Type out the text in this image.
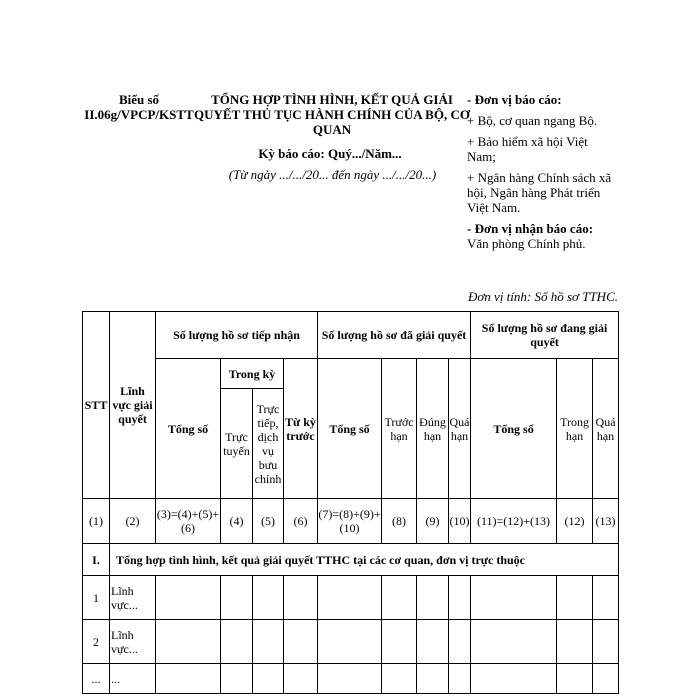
Biểu số II.06g/VPCP/KSTT
TỔNG HỢP TÌNH HÌNH, KẾT QUẢ GIẢI QUYẾT THỦ TỤC HÀNH CHÍNH CỦA BỘ, CƠ QUAN
Kỳ báo cáo: Quý.../Năm...
(Từ ngày .../.../20... đến ngày .../.../20...)

- Đơn vị báo cáo:

+ Bộ, cơ quan ngang Bộ.

+ Bảo hiểm xã hội Việt Nam;

+ Ngân hàng Chính sách xã hội, Ngân hàng Phát triển Việt Nam.

- Đơn vị nhận báo cáo: Văn phòng Chính phủ.

Đơn vị tính: Số hồ sơ TTHC.
STT	Lĩnh vực giải quyết	Số lượng hồ sơ tiếp nhận				Số lượng hồ sơ đã giải quyết				Số lượng hồ sơ đang giải quyết		
		Tổng số	Trong kỳ		Từ kỳ trước	Tổng số	Trước hạn	Đúng hạn	Quá hạn	Tổng số	Trong hạn	Quá hạn
			Trực tuyến	Trực tiếp, dịch vụ bưu chính								
(1)	(2)	(3)=(4)+(5)+(6)	(4)	(5)	(6)	(7)=(8)+(9)+(10)	(8)	(9)	(10)	(11)=(12)+(13)	(12)	(13)
I.	Tổng hợp tình hình, kết quả giải quyết TTHC tại các cơ quan, đơn vị trực thuộc											
1	Lĩnh vực...											
2	Lĩnh vực...											
...	...											
